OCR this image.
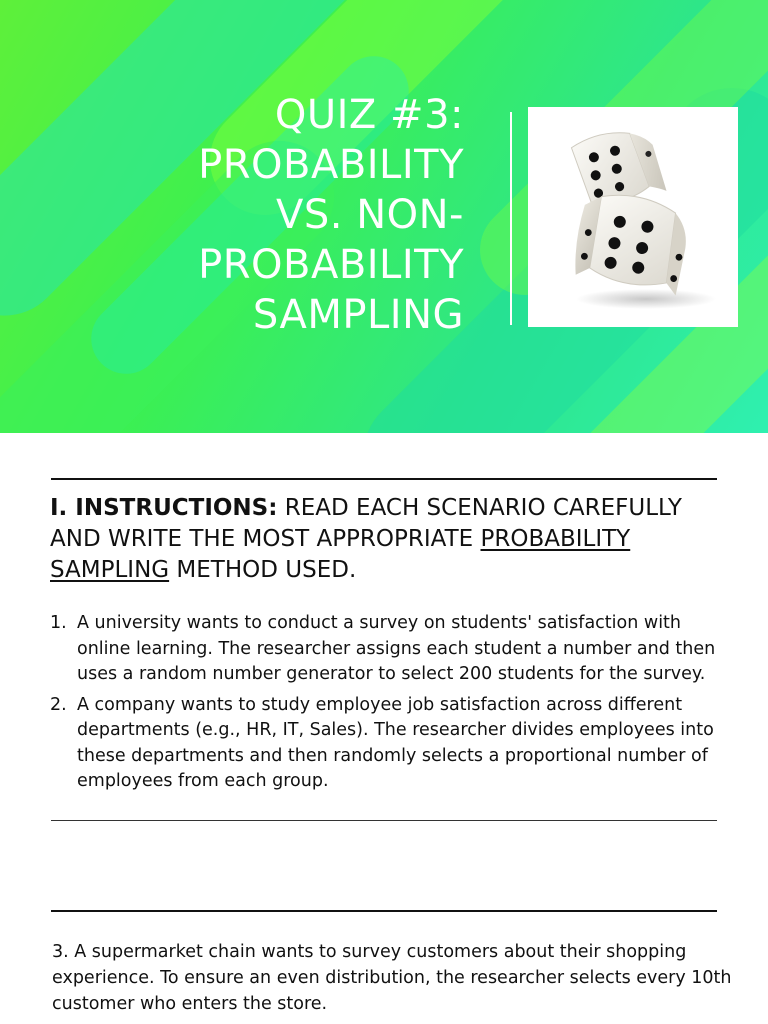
QUIZ #3:
PROBABILITY
VS. NON-
PROBABILITY
SAMPLING
I. INSTRUCTIONS: READ EACH SCENARIO CAREFULLY AND WRITE THE MOST APPROPRIATE PROBABILITY SAMPLING METHOD USED.
1. A university wants to conduct a survey on students' satisfaction with online learning. The researcher assigns each student a number and then uses a random number generator to select 200 students for the survey.
2. A company wants to study employee job satisfaction across different departments (e.g., HR, IT, Sales). The researcher divides employees into these departments and then randomly selects a proportional number of employees from each group.
3. A supermarket chain wants to survey customers about their shopping experience. To ensure an even distribution, the researcher selects every 10th customer who enters the store.
